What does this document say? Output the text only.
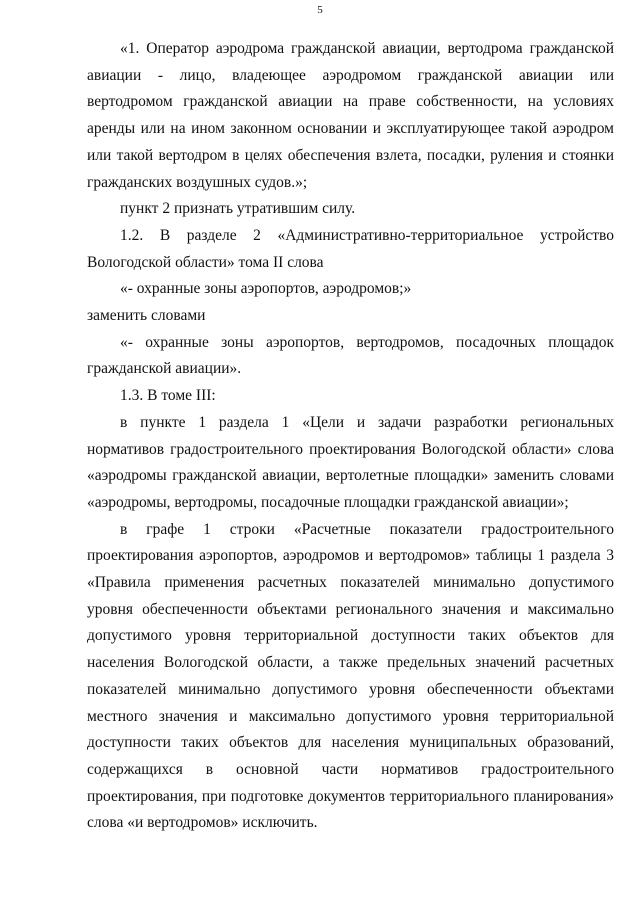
5

«1. Оператор аэродрома гражданской авиации, вертодрома гражданской авиации - лицо, владеющее аэродромом гражданской авиации или вертодромом гражданской авиации на праве собственности, на условиях аренды или на ином законном основании и эксплуатирующее такой аэродром или такой вертодром в целях обеспечения взлета, посадки, руления и стоянки гражданских воздушных судов.»;

пункт 2 признать утратившим силу.

1.2. В разделе 2 «Административно-территориальное устройство Вологодской области» тома II слова

«- охранные зоны аэропортов, аэродромов;»

заменить словами

«- охранные зоны аэропортов, вертодромов, посадочных площадок гражданской авиации».

1.3. В томе III:

в пункте 1 раздела 1 «Цели и задачи разработки региональных нормативов градостроительного проектирования Вологодской области» слова «аэродромы гражданской авиации, вертолетные площадки» заменить словами «аэродромы, вертодромы, посадочные площадки гражданской авиации»;

в графе 1 строки «Расчетные показатели градостроительного проектирования аэропортов, аэродромов и вертодромов» таблицы 1 раздела 3 «Правила применения расчетных показателей минимально допустимого уровня обеспеченности объектами регионального значения и максимально допустимого уровня территориальной доступности таких объектов для населения Вологодской области, а также предельных значений расчетных показателей минимально допустимого уровня обеспеченности объектами местного значения и максимально допустимого уровня территориальной доступности таких объектов для населения муниципальных образований, содержащихся в основной части нормативов градостроительного проектирования, при подготовке документов территориального планирования» слова «и вертодромов» исключить.
